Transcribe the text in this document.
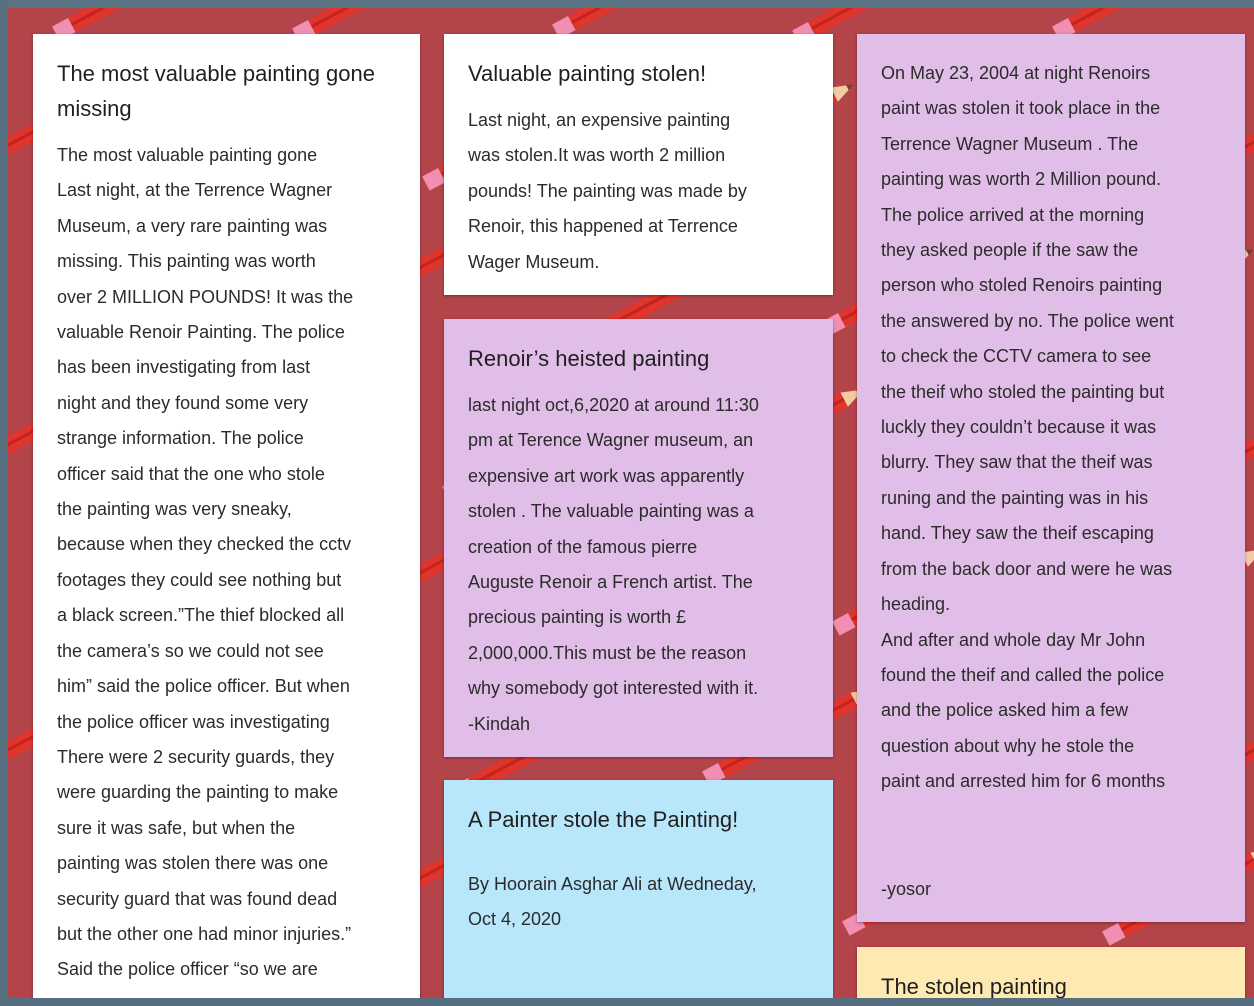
The most valuable painting gone missing

The most valuable painting gone
Last night, at the Terrence Wagner
Museum, a very rare painting was
missing. This painting was worth
over 2 MILLION POUNDS! It was the
valuable Renoir Painting. The police
has been investigating from last
night and they found some very
strange information. The police
officer said that the one who stole
the painting was very sneaky,
because when they checked the cctv
footages they could see nothing but
a black screen.”The thief blocked all
the camera’s so we could not see
him” said the police officer. But when
the police officer was investigating
There were 2 security guards, they
were guarding the painting to make
sure it was safe, but when the
painting was stolen there was one
security guard that was found dead
but the other one had minor injuries.”
Said the police officer “so we are

Valuable painting stolen!

Last night, an expensive painting
was stolen.It was worth 2 million
pounds! The painting was made by
Renoir, this happened at Terrence
Wager Museum.

Renoir’s heisted painting

last night oct,6,2020 at around 11:30
pm at Terence Wagner museum, an
expensive art work was apparently
stolen . The valuable painting was a
creation of the famous pierre
Auguste Renoir a French artist. The
precious painting is worth £
2,000,000.This must be the reason
why somebody got interested with it.
-Kindah

A Painter stole the Painting!

By Hoorain Asghar Ali at Wedneday,
Oct 4, 2020

On May 23, 2004 at night Renoirs
paint was stolen it took place in the
Terrence Wagner Museum . The
painting was worth 2 Million pound.
The police arrived at the morning
they asked people if the saw the
person who stoled Renoirs painting
the answered by no. The police went
to check the CCTV camera to see
the theif who stoled the painting but
luckly they couldn’t because it was
blurry. They saw that the theif was
runing and the painting was in his
hand. They saw the theif escaping
from the back door and were he was
heading.
And after and whole day Mr John
found the theif and called the police
and the police asked him a few
question about why he stole the
paint and arrested him for 6 months

-yosor

The stolen painting
